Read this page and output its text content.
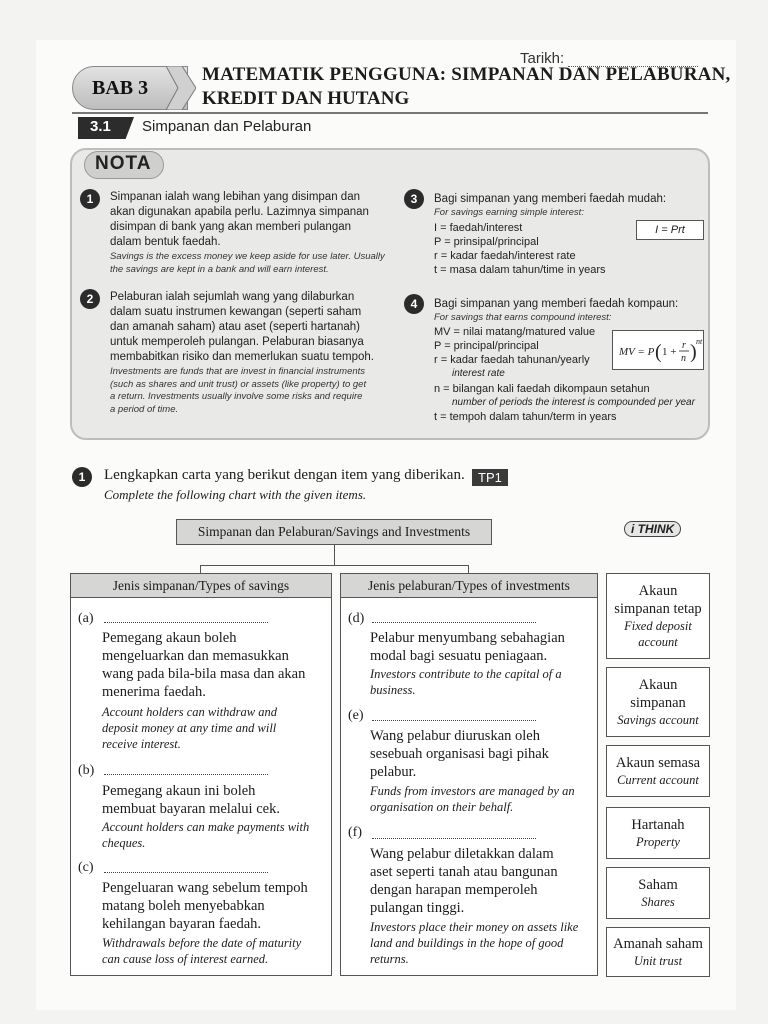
Tarikh:
BAB 3
MATEMATIK PENGGUNA: SIMPANAN DAN PELABURAN,
KREDIT DAN HUTANG
3.1 Simpanan dan Pelaburan
NOTA
1	Simpanan ialah wang lebihan yang disimpan dan
akan digunakan apabila perlu. Lazimnya simpanan
disimpan di bank yang akan memberi pulangan
dalam bentuk faedah.
Savings is the excess money we keep aside for use later. Usually
the savings are kept in a bank and will earn interest.
2	Pelaburan ialah sejumlah wang yang dilaburkan
dalam suatu instrumen kewangan (seperti saham
dan amanah saham) atau aset (seperti hartanah)
untuk memperoleh pulangan. Pelaburan biasanya
membabitkan risiko dan memerlukan suatu tempoh.
Investments are funds that are invest in financial instruments
(such as shares and unit trust) or assets (like property) to get
a return. Investments usually involve some risks and require
a period of time.
3	Bagi simpanan yang memberi faedah mudah:
For savings earning simple interest:
I = faedah/interest
P = prinsipal/principal
r = kadar faedah/interest rate
t = masa dalam tahun/time in years
I = Prt
4	Bagi simpanan yang memberi faedah kompaun:
For savings that earns compound interest:
MV = nilai matang/matured value
P = principal/principal
r = kadar faedah tahunan/yearly
interest rate
n = bilangan kali faedah dikompaun setahun
number of periods the interest is compounded per year
t = tempoh dalam tahun/term in years
MV = P ( 1 +
r
n ) nt
1	Lengkapkan carta yang berikut dengan item yang diberikan.
Complete the following chart with the given items.
TP1
Simpanan dan Pelaburan/Savings and Investments	i THINK
Jenis simpanan/Types of savings
(a)
Pemegang akaun boleh
mengeluarkan dan memasukkan
wang pada bila-bila masa dan akan
menerima faedah.
Account holders can withdraw and
deposit money at any time and will
receive interest.
(b)
Pemegang akaun ini boleh
membuat bayaran melalui cek.
Account holders can make payments with
cheques.
(c)
Pengeluaran wang sebelum tempoh
matang boleh menyebabkan
kehilangan bayaran faedah.
Withdrawals before the date of maturity
can cause loss of interest earned.
Jenis pelaburan/Types of investments
(d)
Pelabur menyumbang sebahagian
modal bagi sesuatu peniagaan.
Investors contribute to the capital of a
business.
(e)
Wang pelabur diuruskan oleh
sesebuah organisasi bagi pihak
pelabur.
Funds from investors are managed by an
organisation on their behalf.
(f)
Wang pelabur diletakkan dalam
aset seperti tanah atau bangunan
dengan harapan memperoleh
pulangan tinggi.
Investors place their money on assets like
land and buildings in the hope of good
returns.
Akaun
simpanan tetap
Fixed deposit
account
Akaun
simpanan
Savings account
Akaun semasa
Current account
Hartanah
Property
Saham
Shares
Amanah saham
Unit trust
